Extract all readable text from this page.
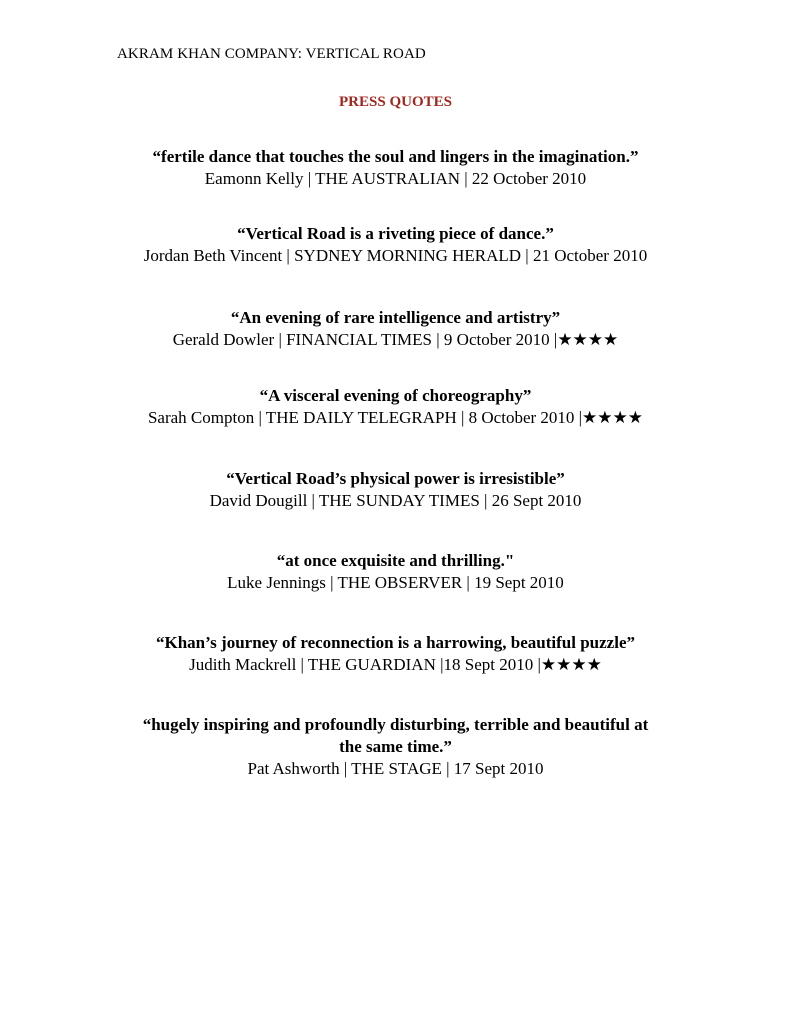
AKRAM KHAN COMPANY: VERTICAL ROAD
PRESS QUOTES
“fertile dance that touches the soul and lingers in the imagination.”
Eamonn Kelly | THE AUSTRALIAN | 22 October 2010
“Vertical Road is a riveting piece of dance.”
Jordan Beth Vincent | SYDNEY MORNING HERALD | 21 October 2010
“An evening of rare intelligence and artistry”
Gerald Dowler | FINANCIAL TIMES | 9 October 2010 |★★★★
“A visceral evening of choreography”
Sarah Compton | THE DAILY TELEGRAPH | 8 October 2010 |★★★★
“Vertical Road’s physical power is irresistible”
David Dougill | THE SUNDAY TIMES | 26 Sept 2010
“at once exquisite and thrilling."
Luke Jennings | THE OBSERVER | 19 Sept 2010
“Khan’s journey of reconnection is a harrowing, beautiful puzzle”
Judith Mackrell | THE GUARDIAN |18 Sept 2010 |★★★★
“hugely inspiring and profoundly disturbing, terrible and beautiful at the same time.”
Pat Ashworth | THE STAGE | 17 Sept 2010
